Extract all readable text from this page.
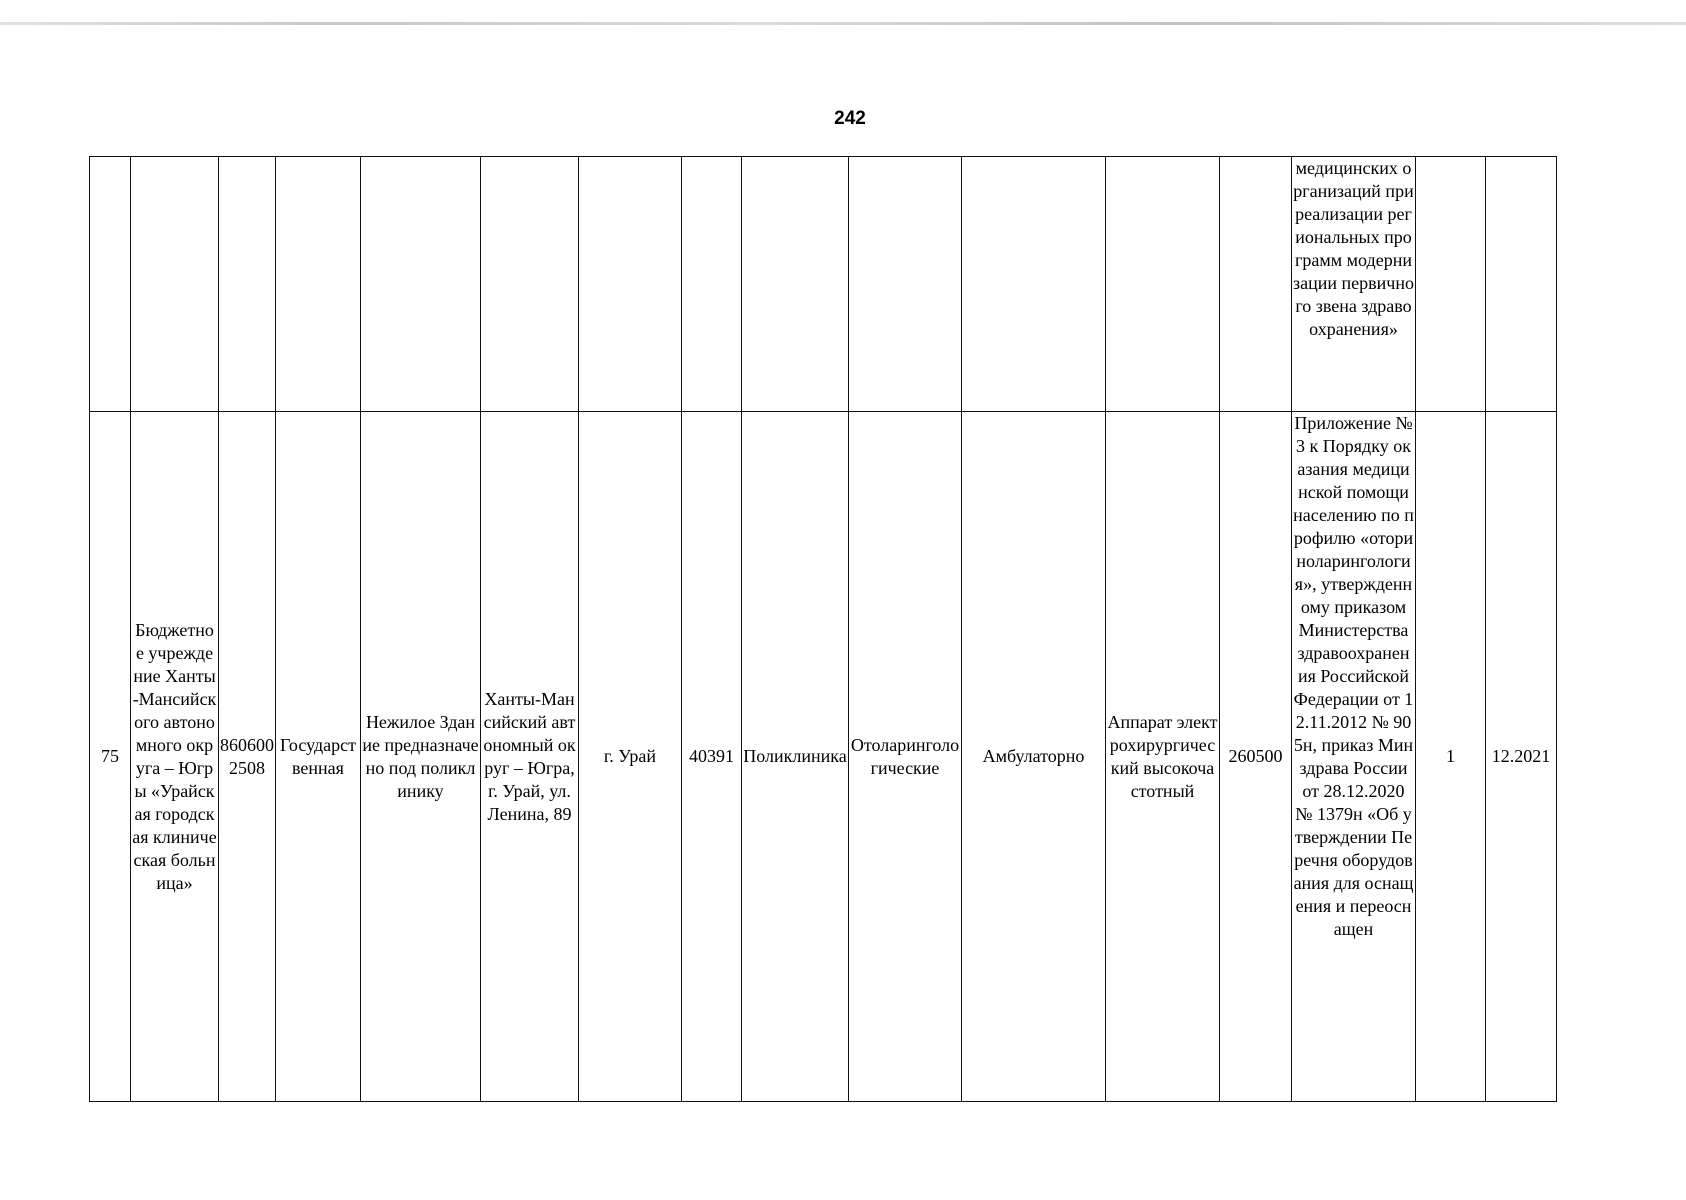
242

													медицинских организаций при реализации региональных программ модернизации первичного звена здравоохранения»		

75	Бюджетное учреждение Ханты-Мансийского автономного округа – Югры «Урайская городская клиническая больница»	8606002508	Государственная	Нежилое Здание предназначено под поликлинику	Ханты-Мансийский автономный округ – Югра, г. Урай, ул.Ленина, 89	г. Урай	40391	Поликлиника	Отоларингологические	Амбулаторно	Аппарат электрохирургический высокочастотный	260500	Приложение № 3 к Порядку оказания медицинской помощи населению по профилю «оториноларингология», утвержденному приказом Министерства здравоохранения Российской Федерации от 12.11.2012 № 905н, приказ Минздрава России от 28.12.2020 № 1379н «Об утверждении Перечня оборудования для оснащения и переоснащен	1	12.2021
